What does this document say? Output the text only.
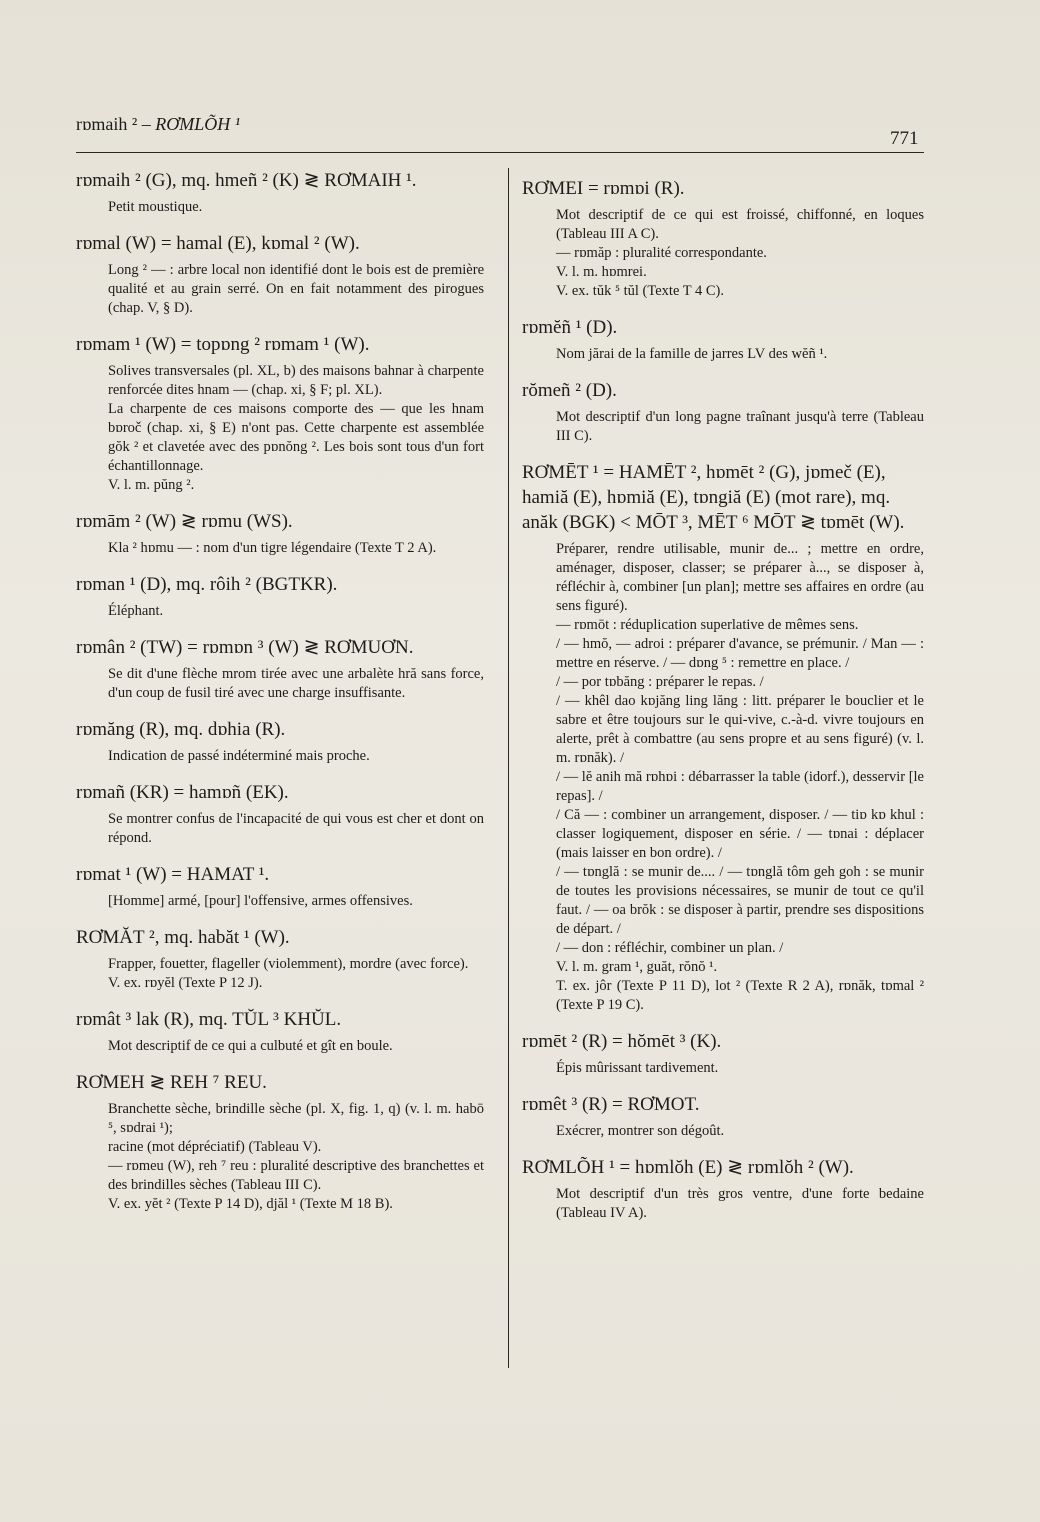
rɒmaih ² – RƠMLÕH ¹
771
rɒmaih ² (G), mq. hmeñ ² (K) ≷ RƠMAIH ¹.
Petit moustique.
rɒmal (W) = hamal (E), kɒmal ² (W).
Long ² — : arbre local non identifié dont le bois est de première qualité et au grain serré. On en fait notamment des pirogues (chap. V, § D).
rɒmam ¹ (W) = topɒng ² rɒmam ¹ (W).
Solives transversales (pl. XL, b) des maisons bahnar à charpente renforcée dites hnam — (chap. xi, § F; pl. XL).
La charpente de ces maisons comporte des — que les hnam bɒroč (chap. xi, § E) n'ont pas. Cette charpente est assemblée gŏk ² et clavetée avec des pɒnŏng ². Les bois sont tous d'un fort échantillonnage.
V. l. m. pŭng ².
rɒmām ² (W) ≷ rɒmu (WS).
Kla ² hɒmu — : nom d'un tigre légendaire (Texte T 2 A).
rɒman ¹ (D), mq. rôih ² (BGTKR).
Éléphant.
rɒmân ² (TW) = rɒmɒn ³ (W) ≷ RƠMUƠN.
Se dit d'une flèche mrom tirée avec une arbalète hră sans force, d'un coup de fusil tiré avec une charge insuffisante.
rɒmăng (R), mq. dɒhia (R).
Indication de passé indéterminé mais proche.
rɒmañ (KR) = hamɒñ (EK).
Se montrer confus de l'incapacité de qui vous est cher et dont on répond.
rɒmat ¹ (W) = HAMAT ¹.
[Homme] armé, [pour] l'offensive, armes offensives.
RƠMĂT ², mq. habăt ¹ (W).
Frapper, fouetter, flageller (violemment), mordre (avec force).
V. ex. rɒyĕl (Texte P 12 J).
rɒmât ³ lak (R), mq. TŬL ³ KHŬL.
Mot descriptif de ce qui a culbuté et gît en boule.
RƠMEH ≷ REH ⁷ REU.
Branchette sèche, brindille sèche (pl. X, fig. 1, q) (v. l. m. habō ⁵, sɒdrai ¹);
racine (mot dépréciatif) (Tableau V).
— rɒmeu (W), reh ⁷ reu : pluralité descriptive des branchettes et des brindilles sèches (Tableau III C).
V. ex. yĕt ² (Texte P 14 D), djăl ¹ (Texte M 18 B).
RƠMEI = rɒmɒi (R).
Mot descriptif de ce qui est froissé, chiffonné, en loques (Tableau III A C).
— rɒmăp : pluralité correspondante.
V. l. m. hɒmrei.
V. ex. tŭk ⁵ tŭl (Texte T 4 C).
rɒmĕñ ¹ (D).
Nom jărai de la famille de jarres LV des wĕñ ¹.
rŏmeñ ² (D).
Mot descriptif d'un long pagne traînant jusqu'à terre (Tableau III C).
RƠMĒT ¹ = HAMĒT ², hɒmēt ² (G), jɒmeč (E), hamiă (E), hɒmiă (E), tɒngiă (E) (mot rare), mq. anăk (BGK) < MŌT ³, MĒT ⁶ MŌT ≷ tɒmēt (W).
Préparer, rendre utilisable, munir de... ; mettre en ordre, aménager, disposer, classer; se préparer à..., se disposer à, réfléchir à, combiner [un plan]; mettre ses affaires en ordre (au sens figuré).
— rɒmōt : réduplication superlative de mêmes sens.
/ — hmŏ, — adroi : préparer d'avance, se prémunir. / Man — : mettre en réserve. / — dɒng ⁵ : remettre en place. /
/ — por tɒbăng : préparer le repas. /
/ — khêl dao kɒjăng ling lăng : litt. préparer le bouclier et le sabre et être toujours sur le qui-vive, c.-à-d. vivre toujours en alerte, prêt à combattre (au sens propre et au sens figuré) (v. l. m. rɒnăk). /
/ — lĕ anih mă rɒhɒi : débarrasser la table (idorf.), desservir [le repas]. /
/ Că — : combiner un arrangement, disposer. / — tiɒ kɒ khul : classer logiquement, disposer en série. / — tɒnai : déplacer (mais laisser en bon ordre). /
/ — tɒnglă : se munir de.... / — tɒnglă tôm geh goh : se munir de toutes les provisions nécessaires, se munir de tout ce qu'il faut. / — oa brŏk : se disposer à partir, prendre ses dispositions de départ. /
/ — don : réfléchir, combiner un plan. /
V. l. m. gram ¹, guăt, rŏnŏ ¹.
T. ex. jôr (Texte P 11 D), lot ² (Texte R 2 A), rɒnăk, tɒmal ² (Texte P 19 C).
rɒmēt ² (R) = hŏmēt ³ (K).
Épis mûrissant tardivement.
rɒmêt ³ (R) = RƠMOT.
Exécrer, montrer son dégoût.
RƠMLÕH ¹ = hɒmlŏh (E) ≷ rɒmlŏh ² (W).
Mot descriptif d'un très gros ventre, d'une forte bedaine (Tableau IV A).
